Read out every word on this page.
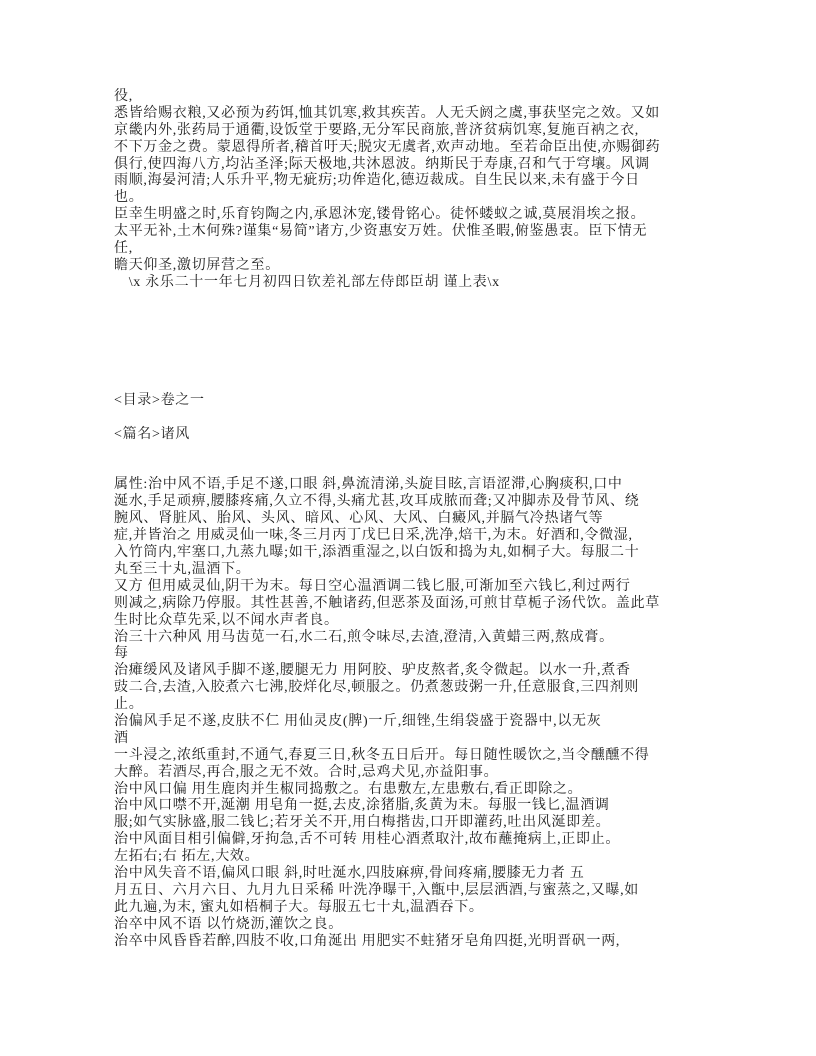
役,
悉皆给赐衣粮,又必预为药饵,恤其饥寒,救其疾苦。人无夭阏之虞,事获坚完之效。又如
京畿内外,张药局于通衢,设饭堂于要路,无分军民商旅,普济贫病饥寒,复施百衲之衣,
不下万金之费。蒙恩得所者,稽首吁天;脱灾无虞者,欢声动地。至若命臣出使,亦赐御药
俱行,使四海八方,均沾圣泽;际天极地,共沐恩波。纳斯民于寿康,召和气于穹壤。风调
雨顺,海晏河清;人乐升平,物无疵疠;功侔造化,德迈裁成。自生民以来,未有盛于今日
也。
臣幸生明盛之时,乐育钧陶之内,承恩沐宠,镂骨铭心。徒怀蝼蚁之诚,莫展涓埃之报。
太平无补,土木何殊?谨集“易简”诸方,少资惠安万姓。伏惟圣暇,俯鉴愚衷。臣下情无
任,
瞻天仰圣,激切屏营之至。
　\x 永乐二十一年七月初四日钦差礼部左侍郎臣胡 谨上表\x

<目录>卷之一

<篇名>诸风

属性:治中风不语,手足不遂,口眼 斜,鼻流清涕,头旋目眩,言语涩滞,心胸痰积,口中
涎水,手足顽痹,腰膝疼痛,久立不得,头痛尤甚,攻耳成脓而聋;又冲脚赤及骨节风、绕
腕风、肾脏风、胎风、头风、暗风、心风、大风、白癜风,并膈气冷热诸气等
症,并皆治之 用威灵仙一味,冬三月丙丁戊巳日采,洗净,焙干,为末。好酒和,令微湿,
入竹筒内,牢塞口,九蒸九曝;如干,添酒重湿之,以白饭和捣为丸,如桐子大。每服二十
丸至三十丸,温酒下。
又方 但用威灵仙,阴干为末。每日空心温酒调二钱匕服,可渐加至六钱匕,利过两行
则减之,病除乃停服。其性甚善,不触诸药,但恶茶及面汤,可煎甘草栀子汤代饮。盖此草
生时比众草先采,以不闻水声者良。
治三十六种风 用马齿苋一石,水二石,煎令味尽,去渣,澄清,入黄蜡三两,熬成膏。
每
治瘫缓风及诸风手脚不遂,腰腿无力 用阿胶、驴皮熬者,炙令微起。以水一升,煮香
豉二合,去渣,入胶煮六七沸,胶烊化尽,顿服之。仍煮葱豉粥一升,任意服食,三四剂则
止。
治偏风手足不遂,皮肤不仁 用仙灵皮(脾)一斤,细锉,生绢袋盛于瓷器中,以无灰
酒
一斗浸之,浓纸重封,不通气,春夏三日,秋冬五日后开。每日随性暖饮之,当令醺醺不得
大醉。若酒尽,再合,服之无不效。合时,忌鸡犬见,亦益阳事。
治中风口偏 用生鹿肉并生椒同捣敷之。右患敷左,左患敷右,看正即除之。
治中风口噤不开,涎潮 用皂角一挺,去皮,涂猪脂,炙黄为末。每服一钱匕,温酒调
服;如气实脉盛,服二钱匕;若牙关不开,用白梅揩齿,口开即灌药,吐出风涎即差。
治中风面目相引偏僻,牙拘急,舌不可转 用桂心酒煮取汁,故布蘸掩病上,正即止。
左拓右;右 拓左,大效。
治中风失音不语,偏风口眼 斜,时吐涎水,四肢麻痹,骨间疼痛,腰膝无力者 五
月五日、六月六日、九月九日采稀 叶洗净曝干,入甑中,层层洒酒,与蜜蒸之,又曝,如
此九遍,为末, 蜜丸如梧桐子大。每服五七十丸,温酒吞下。
治卒中风不语 以竹烧沥,灌饮之良。
治卒中风昏昏若醉,四肢不收,口角涎出 用肥实不蛀猪牙皂角四挺,光明晋矾一两,
